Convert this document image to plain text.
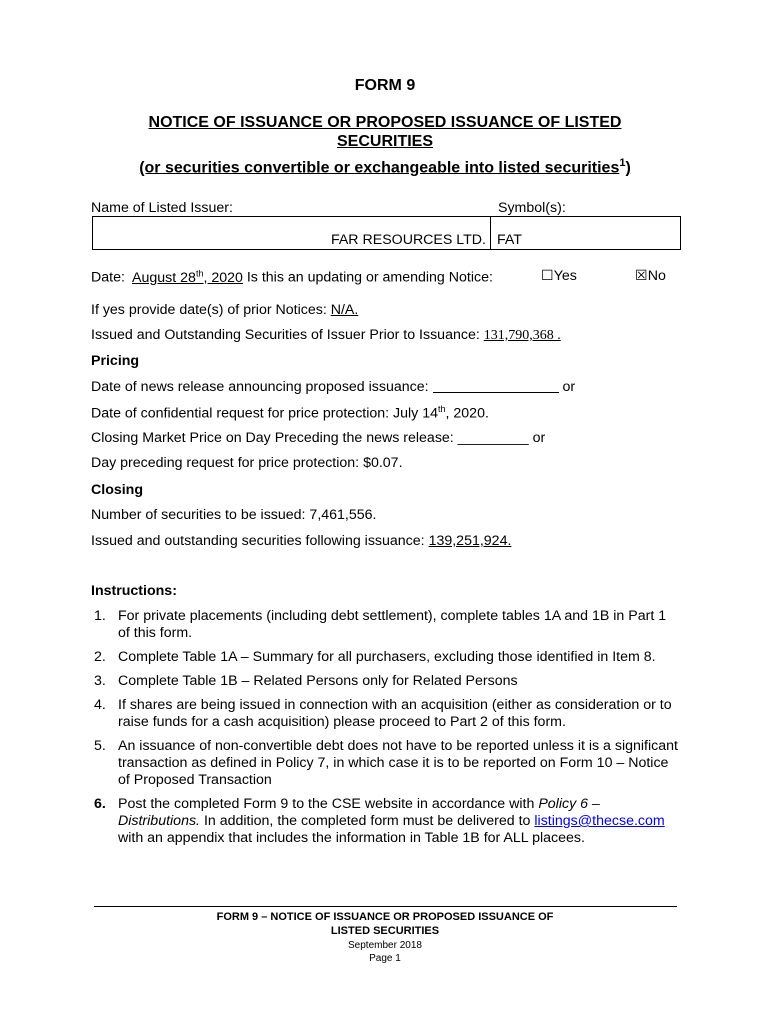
FORM 9
NOTICE OF ISSUANCE OR PROPOSED ISSUANCE OF LISTED
SECURITIES
(or securities convertible or exchangeable into listed securities$^1$)
Name of Listed Issuer:	Symbol(s):
FAR RESOURCES LTD. FAT
Date: August 28th, 2020 Is this an updating or amending Notice:	☐Yes	☒No
If yes provide date(s) of prior Notices: N/A.
Issued and Outstanding Securities of Issuer Prior to Issuance: 131,790,368 .
Pricing
Date of news release announcing proposed issuance:	or
Date of confidential request for price protection: July 14th, 2020.
Closing Market Price on Day Preceding the news release: _________ or
Day preceding request for price protection: $0.07.
Closing
Number of securities to be issued: 7,461,556.
Issued and outstanding securities following issuance: 139,251,924.
Instructions:
1. For private placements (including debt settlement), complete tables 1A and 1B in Part 1 of this form.
2. Complete Table 1A – Summary for all purchasers, excluding those identified in Item 8.
3. Complete Table 1B – Related Persons only for Related Persons
4. If shares are being issued in connection with an acquisition (either as consideration or to raise funds for a cash acquisition) please proceed to Part 2 of this form.
5. An issuance of non-convertible debt does not have to be reported unless it is a significant transaction as defined in Policy 7, in which case it is to be reported on Form 10 – Notice of Proposed Transaction
6. Post the completed Form 9 to the CSE website in accordance with Policy 6 – Distributions. In addition, the completed form must be delivered to listings@thecse.com with an appendix that includes the information in Table 1B for ALL placees.
FORM 9 – NOTICE OF ISSUANCE OR PROPOSED ISSUANCE OF
LISTED SECURITIES
September 2018
Page 1
